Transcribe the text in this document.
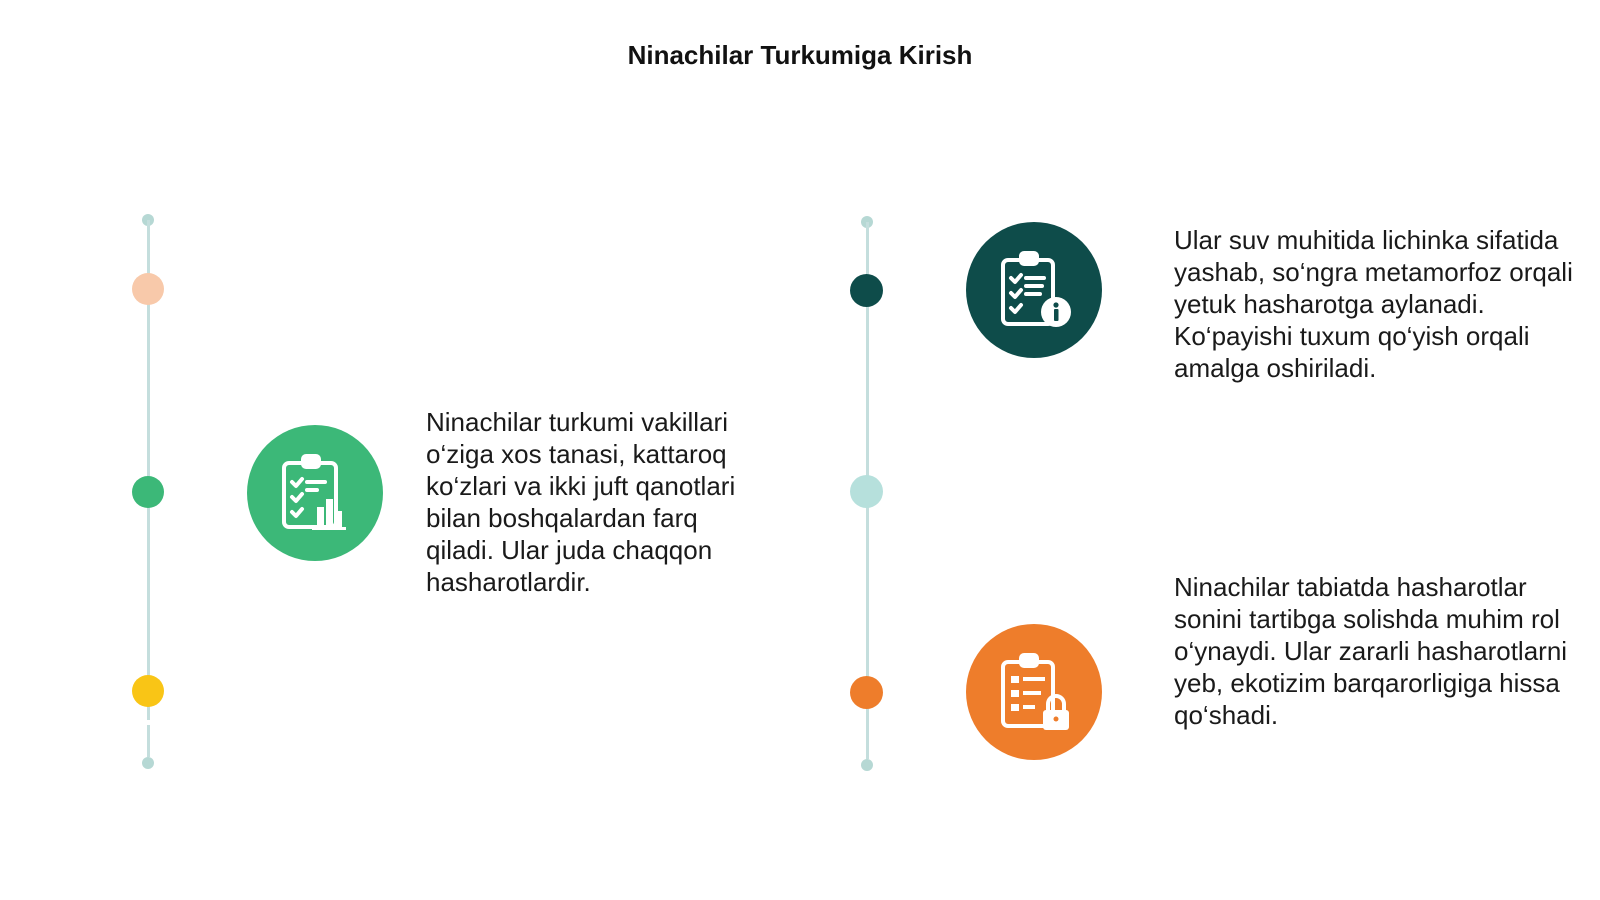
Ninachilar Turkumiga Kirish
Ninachilar turkumi vakillari o‘ziga xos tanasi, kattaroq ko‘zlari va ikki juft qanotlari bilan boshqalardan farq qiladi. Ular juda chaqqon hasharotlardir.
Ular suv muhitida lichinka sifatida yashab, so‘ngra metamorfoz orqali yetuk hasharotga aylanadi. Ko‘payishi tuxum qo‘yish orqali amalga oshiriladi.
Ninachilar tabiatda hasharotlar sonini tartibga solishda muhim rol o‘ynaydi. Ular zararli hasharotlarni yeb, ekotizim barqarorligiga hissa qo‘shadi.
